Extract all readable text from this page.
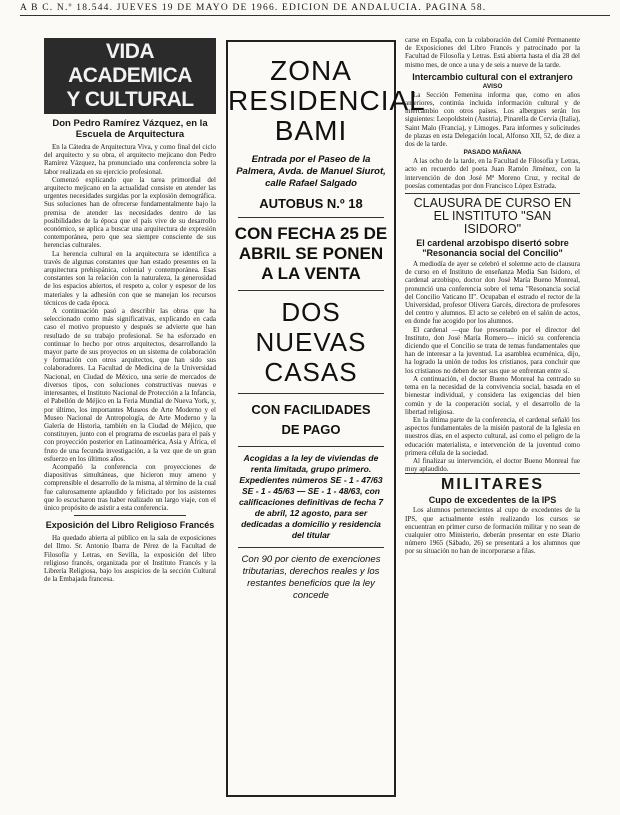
A B C. N.º 18.544. JUEVES 19 DE MAYO DE 1966. EDICION DE ANDALUCIA. PAGINA 58.
VIDA ACADEMICA
Y CULTURAL
Don Pedro Ramírez Vázquez, en la Escuela de Arquitectura

En la Cátedra de Arquitectura Viva, y como final del ciclo del arquitecto y su obra, el arquitecto mejicano don Pedro Ramírez Vázquez, ha pronunciado una conferencia sobre la labor realizada en su ejercicio profesional.

Comenzó explicando que la tarea primordial del arquitecto mejicano en la actualidad consiste en atender las urgentes necesidades surgidas por la explosión demográfica. Sus soluciones han de ofrecerse fundamentalmente bajo la premisa de atender las necesidades dentro de las posibilidades de la época que el país vive de su desarrollo económico, se aplica a buscar una arquitectura de expresión contemporánea, pero que sea siempre consciente de sus herencias culturales.

La herencia cultural en la arquitectura se identifica a través de algunas constantes que han estado presentes en la arquitectura prehispánica, colonial y contemporánea. Esas constantes son la relación con la naturaleza, la generosidad de los espacios abiertos, el respeto a, color y espesor de los materiales y la adhesión con que se manejan los recursos técnicos de cada época.

A continuación pasó a describir las obras que ha seleccionado como más significativas, explicando en cada caso el motivo propuesto y después se advierte que han resultado de su trabajo profesional. Se ha esforzado en continuar lo hecho por otros arquitectos, desarrollando la mayor parte de sus proyectos en un sistema de colaboración y formación con otros arquitectos, que han sido sus colaboradores. La Facultad de Medicina de la Universidad Nacional, en Ciudad de México, una serie de mercados de diversos tipos, con soluciones constructivas nuevas e interesantes, el Instituto Nacional de Protección a la Infancia, el Pabellón de Méjico en la Feria Mundial de Nueva York, y, por último, los importantes Museos de Arte Moderno y el Museo Nacional de Antropología, de Arte Moderno y la Galería de Historia, también en la Ciudad de Méjico, que constituyen, junto con el programa de escuelas para el país y con proyección posterior en Latinoamérica, Asia y África, el fruto de una fecunda investigación, a la vez que de un gran esfuerzo en los últimos años.

Acompañó la conferencia con proyecciones de diapositivas simultáneas, que hicieron muy ameno y comprensible el desarrollo de la misma, al término de la cual fue calurosamente aplaudido y felicitado por los asistentes que lo escucharon tras haber realizado un largo viaje, con el único propósito de asistir a esta conferencia.

Exposición del Libro Religioso Francés

Ha quedado abierta al público en la sala de exposiciones del Ilmo. Sr. Antonio Ibarra de Pérez de la Facultad de Filosofía y Letras, en Sevilla, la exposición del libro religioso francés, organizada por el Instituto Francés y la Librería Religiosa, bajo los auspicios de la sección Cultural de la Embajada francesa.

ZONA
RESIDENCIAL
BAMI
Entrada por el Paseo de la Palmera, Avda. de Manuel Siurot, calle Rafael Salgado
AUTOBUS N.º 18
CON FECHA 25 DE ABRIL SE PONEN A LA VENTA
DOS NUEVAS
CASAS
CON FACILIDADES
DE PAGO
Acogidas a la ley de viviendas de renta limitada, grupo primero. Expedientes números SE - 1 - 47/63 SE - 1 - 45/63 — SE - 1 - 48/63, con calificaciones definitivas de fecha 7 de abril, 12 agosto, para ser dedicadas a domicilio y residencia del titular
Con 90 por ciento de exenciones tributarias, derechos reales y los restantes beneficios que la ley concede

carse en España, con la colaboración del Comité Permanente de Exposiciones del Libro Francés y patrocinado por la Facultad de Filosofía y Letras. Está abierta hasta el día 28 del mismo mes, de once a una y de seis a nueve de la tarde.

Intercambio cultural con el extranjero
AVISO

La Sección Femenina informa que, como en años anteriores, continúa incluida información cultural y de intercambio con otros países. Los albergues serán los siguientes: Leopoldstein (Austria), Pinarella de Cervia (Italia), Saint Malo (Francia), y Limoges. Para informes y solicitudes de plazas en esta Delegación local, Alfonso XII, 52, de diez a dos de la tarde.

PASADO MAÑANA

A las ocho de la tarde, en la Facultad de Filosofía y Letras, acto en recuerdo del poeta Juan Ramón Jiménez, con la intervención de don José Mª Moreno Cruz, y recital de poesías comentadas por don Francisco López Estrada.

CLAUSURA DE CURSO EN EL INSTITUTO "SAN ISIDORO"
El cardenal arzobispo disertó sobre "Resonancia social del Concilio"

A mediodía de ayer se celebró el solemne acto de clausura de curso en el Instituto de enseñanza Media San Isidoro, el cardenal arzobispo, doctor don José María Bueno Monreal, pronunció una conferencia sobre el tema "Resonancia social del Concilio Vaticano II". Ocupaban el estrado el rector de la Universidad, profesor Olivera Garcés, directora de profesores del centro y alumnos. El acto se celebró en el salón de actos, en donde fue acogido por los alumnos.

El cardenal —que fue presentado por el director del Instituto, don José María Romero— inició su conferencia diciendo que el Concilio se trata de temas fundamentales que han de interesar a la juventud. La asamblea ecuménica, dijo, ha logrado la unión de todos los cristianos, para concluir que los cristianos no deben de ser sus que se enfrentan entre sí.

A continuación, el doctor Bueno Monreal ha centrado su tema en la necesidad de la convivencia social, basada en el bienestar individual, y considera las exigencias del bien común y de la cooperación social, y el desarrollo de la libertad religiosa.

En la última parte de la conferencia, el cardenal señaló los aspectos fundamentales de la misión pastoral de la Iglesia en nuestros días, en el aspecto cultural, así como el peligro de la educación materialista, e intervención de la juventud como primera célula de la sociedad.

Al finalizar su intervención, el doctor Bueno Monreal fue muy aplaudido.

MILITARES
Cupo de excedentes de la IPS

Los alumnos pertenecientes al cupo de excedentes de la IPS, que actualmente estén realizando los cursos se encuentran en primer curso de formación militar y no sean de cualquier otro Ministerio, deberán presentar en este Diario número 1965 (Sábado, 26) se presentará a los alumnos que por su situación no han de incorporarse a filas.
